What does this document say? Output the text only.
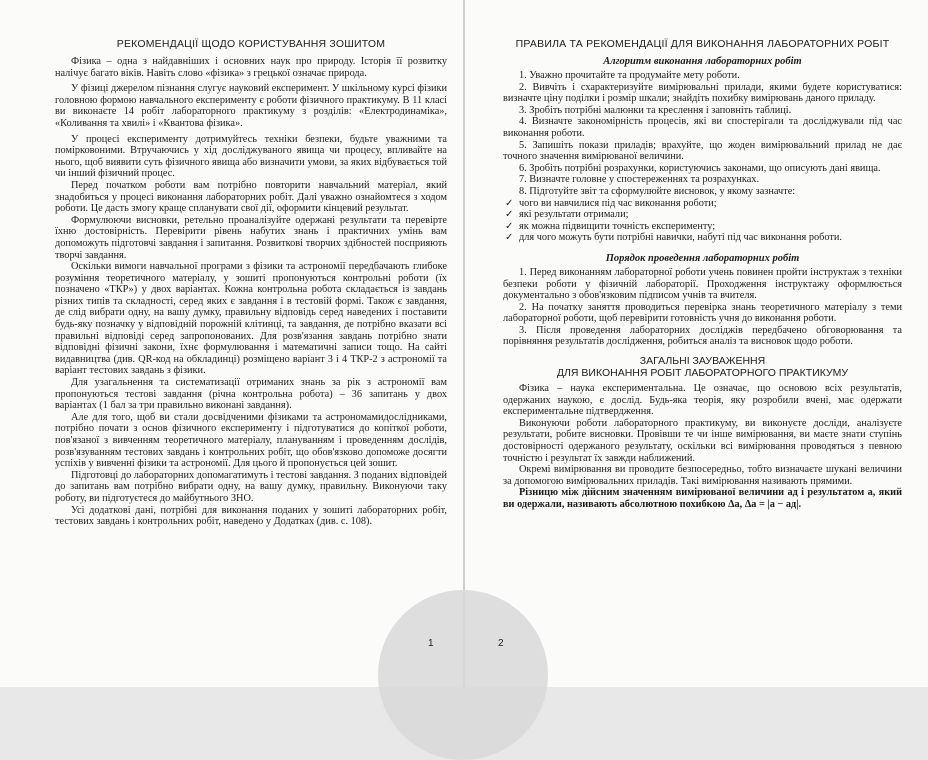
РЕКОМЕНДАЦІЇ ЩОДО КОРИСТУВАННЯ ЗОШИТОМ

Фізика – одна з найдавніших і основних наук про природу. Історія її розвитку налічує багато віків. Навіть слово «фізика» з грецької означає природа.

У фізиці джерелом пізнання слугує науковий експеримент. У шкільному курсі фізики головною формою навчального експерименту є роботи фізичного практикуму. В 11 класі ви виконаєте 14 робіт лабораторного практикуму з розділів: «Електродинаміка», «Коливання та хвилі» і «Квантова фізика».

У процесі експерименту дотримуйтесь техніки безпеки, будьте уважними та помірковоними. Втручаючись у хід досліджуваного явища чи процесу, впливайте на нього, щоб виявити суть фізичного явища або визначити умови, за яких відбувається той чи інший фізичний процес.

Перед початком роботи вам потрібно повторити навчальний матеріал, який знадобиться у процесі виконання лабораторних робіт. Далі уважно ознайомтеся з ходом роботи. Це дасть змогу краще спланувати свої дії, оформити кінцевий результат.

Формулюючи висновки, ретельно проаналізуйте одержані результати та перевірте їхню достовірність. Перевірити рівень набутих знань і практичних умінь вам допоможуть підготовчі завдання і запитання. Розвиткові творчих здібностей посприяють творчі завдання.

Оскільки вимоги навчальної програми з фізики та астрономії передбачають глибоке розуміння теоретичного матеріалу, у зошиті пропонуються контрольні роботи (їх позначено «ТКР») у двох варіантах. Кожна контрольна робота складається із завдань різних типів та складності, серед яких є завдання і в тестовій формі. Також є завдання, де слід вибрати одну, на вашу думку, правильну відповідь серед наведених і поставити будь-яку позначку у відповідній порожній клітинці, та завдання, де потрібно вказати всі правильні відповіді серед запропонованих. Для розв'язання завдань потрібно знати відповідні фізичні закони, їхнє формулювання і математичні записи тощо. На сайті видавництва (див. QR-код на обкладинці) розміщено варіант 3 і 4 ТКР-2 з астрономії та варіант тестових завдань з фізики.

Для узагальнення та систематизації отриманих знань за рік з астрономії вам пропонуються тестові завдання (річна контрольна робота) – 36 запитань у двох варіантах (1 бал за три правильно виконані завдання).

Але для того, щоб ви стали досвідченими фізиками та астрономамидослідниками, потрібно почати з основ фізичного експерименту і підготуватися до копіткої роботи, пов'язаної з вивченням теоретичного матеріалу, плануванням і проведенням дослідів, розв'язуванням тестових завдань і контрольних робіт, що обов'язково допоможе досягти успіхів у вивченні фізики та астрономії. Для цього й пропонується цей зошит.

Підготовці до лабораторних допомагатимуть і тестові завдання. З поданих відповідей до запитань вам потрібно вибрати одну, на вашу думку, правильну. Виконуючи таку роботу, ви підготуєтеся до майбутнього ЗНО.

Усі додаткові дані, потрібні для виконання поданих у зошиті лабораторних робіт, тестових завдань і контрольних робіт, наведено у Додатках (див. с. 108).

ПРАВИЛА ТА РЕКОМЕНДАЦІЇ ДЛЯ ВИКОНАННЯ ЛАБОРАТОРНИХ РОБІТ
Алгоритм виконання лабораторних робіт
1. Уважно прочитайте та продумайте мету роботи.
2. Вивчіть і схарактеризуйте вимірювальні прилади, якими будете користуватися: визначте ціну поділки і розмір шкали; знайдіть похибку вимірювань даного приладу.
3. Зробіть потрібні малюнки та креслення і заповніть таблиці.
4. Визначте закономірність процесів, які ви спостерігали та досліджували під час виконання роботи.
5. Запишіть покази приладів; врахуйте, що жоден вимірювальний прилад не дає точного значення вимірюваної величини.
6. Зробіть потрібні розрахунки, користуючись законами, що описують дані явища.
7. Визначте головне у спостереженнях та розрахунках.
8. Підготуйте звіт та сформулюйте висновок, у якому зазначте:
✓ чого ви навчилися під час виконання роботи;
✓ які результати отримали;
✓ як можна підвищити точність експерименту;
✓ для чого можуть бути потрібні навички, набуті під час виконання роботи.
Порядок проведення лабораторних робіт
1. Перед виконанням лабораторної роботи учень повинен пройти інструктаж з техніки безпеки роботи у фізичній лабораторії. Проходження інструктажу оформлюється документально з обов'язковим підписом учнів та вчителя.
2. На початку заняття проводиться перевірка знань теоретичного матеріалу з теми лабораторної роботи, щоб перевірити готовність учня до виконання роботи.
3. Після проведення лабораторних досліджів передбачено обговорювання та порівняння результатів дослідження, робиться аналіз та висновок щодо роботи.
ЗАГАЛЬНІ ЗАУВАЖЕННЯ
ДЛЯ ВИКОНАННЯ РОБІТ ЛАБОРАТОРНОГО ПРАКТИКУМУ

Фізика – наука експериментальна. Це означає, що основою всіх результатів, одержаних наукою, є дослід. Будь-яка теорія, яку розробили вчені, має одержати експериментальне підтвердження.

Виконуючи роботи лабораторного практикуму, ви виконуєте досліди, аналізуєте результати, робите висновки. Провівши те чи інше вимірювання, ви маєте знати ступінь достовірності одержаного результату, оскільки всі вимірювання проводяться з певною точністю і результат їх завжди наближений.

Окремі вимірювання ви проводите безпосередньо, тобто визначаєте шукані величини за допомогою вимірювальних приладів. Такі вимірювання називають прямими.

Різницю між дійсним значенням вимірюваної величини aд і результатом a, який ви одержали, називають абсолютною похибкою Δa, Δa = |a − aд|.

1	2
